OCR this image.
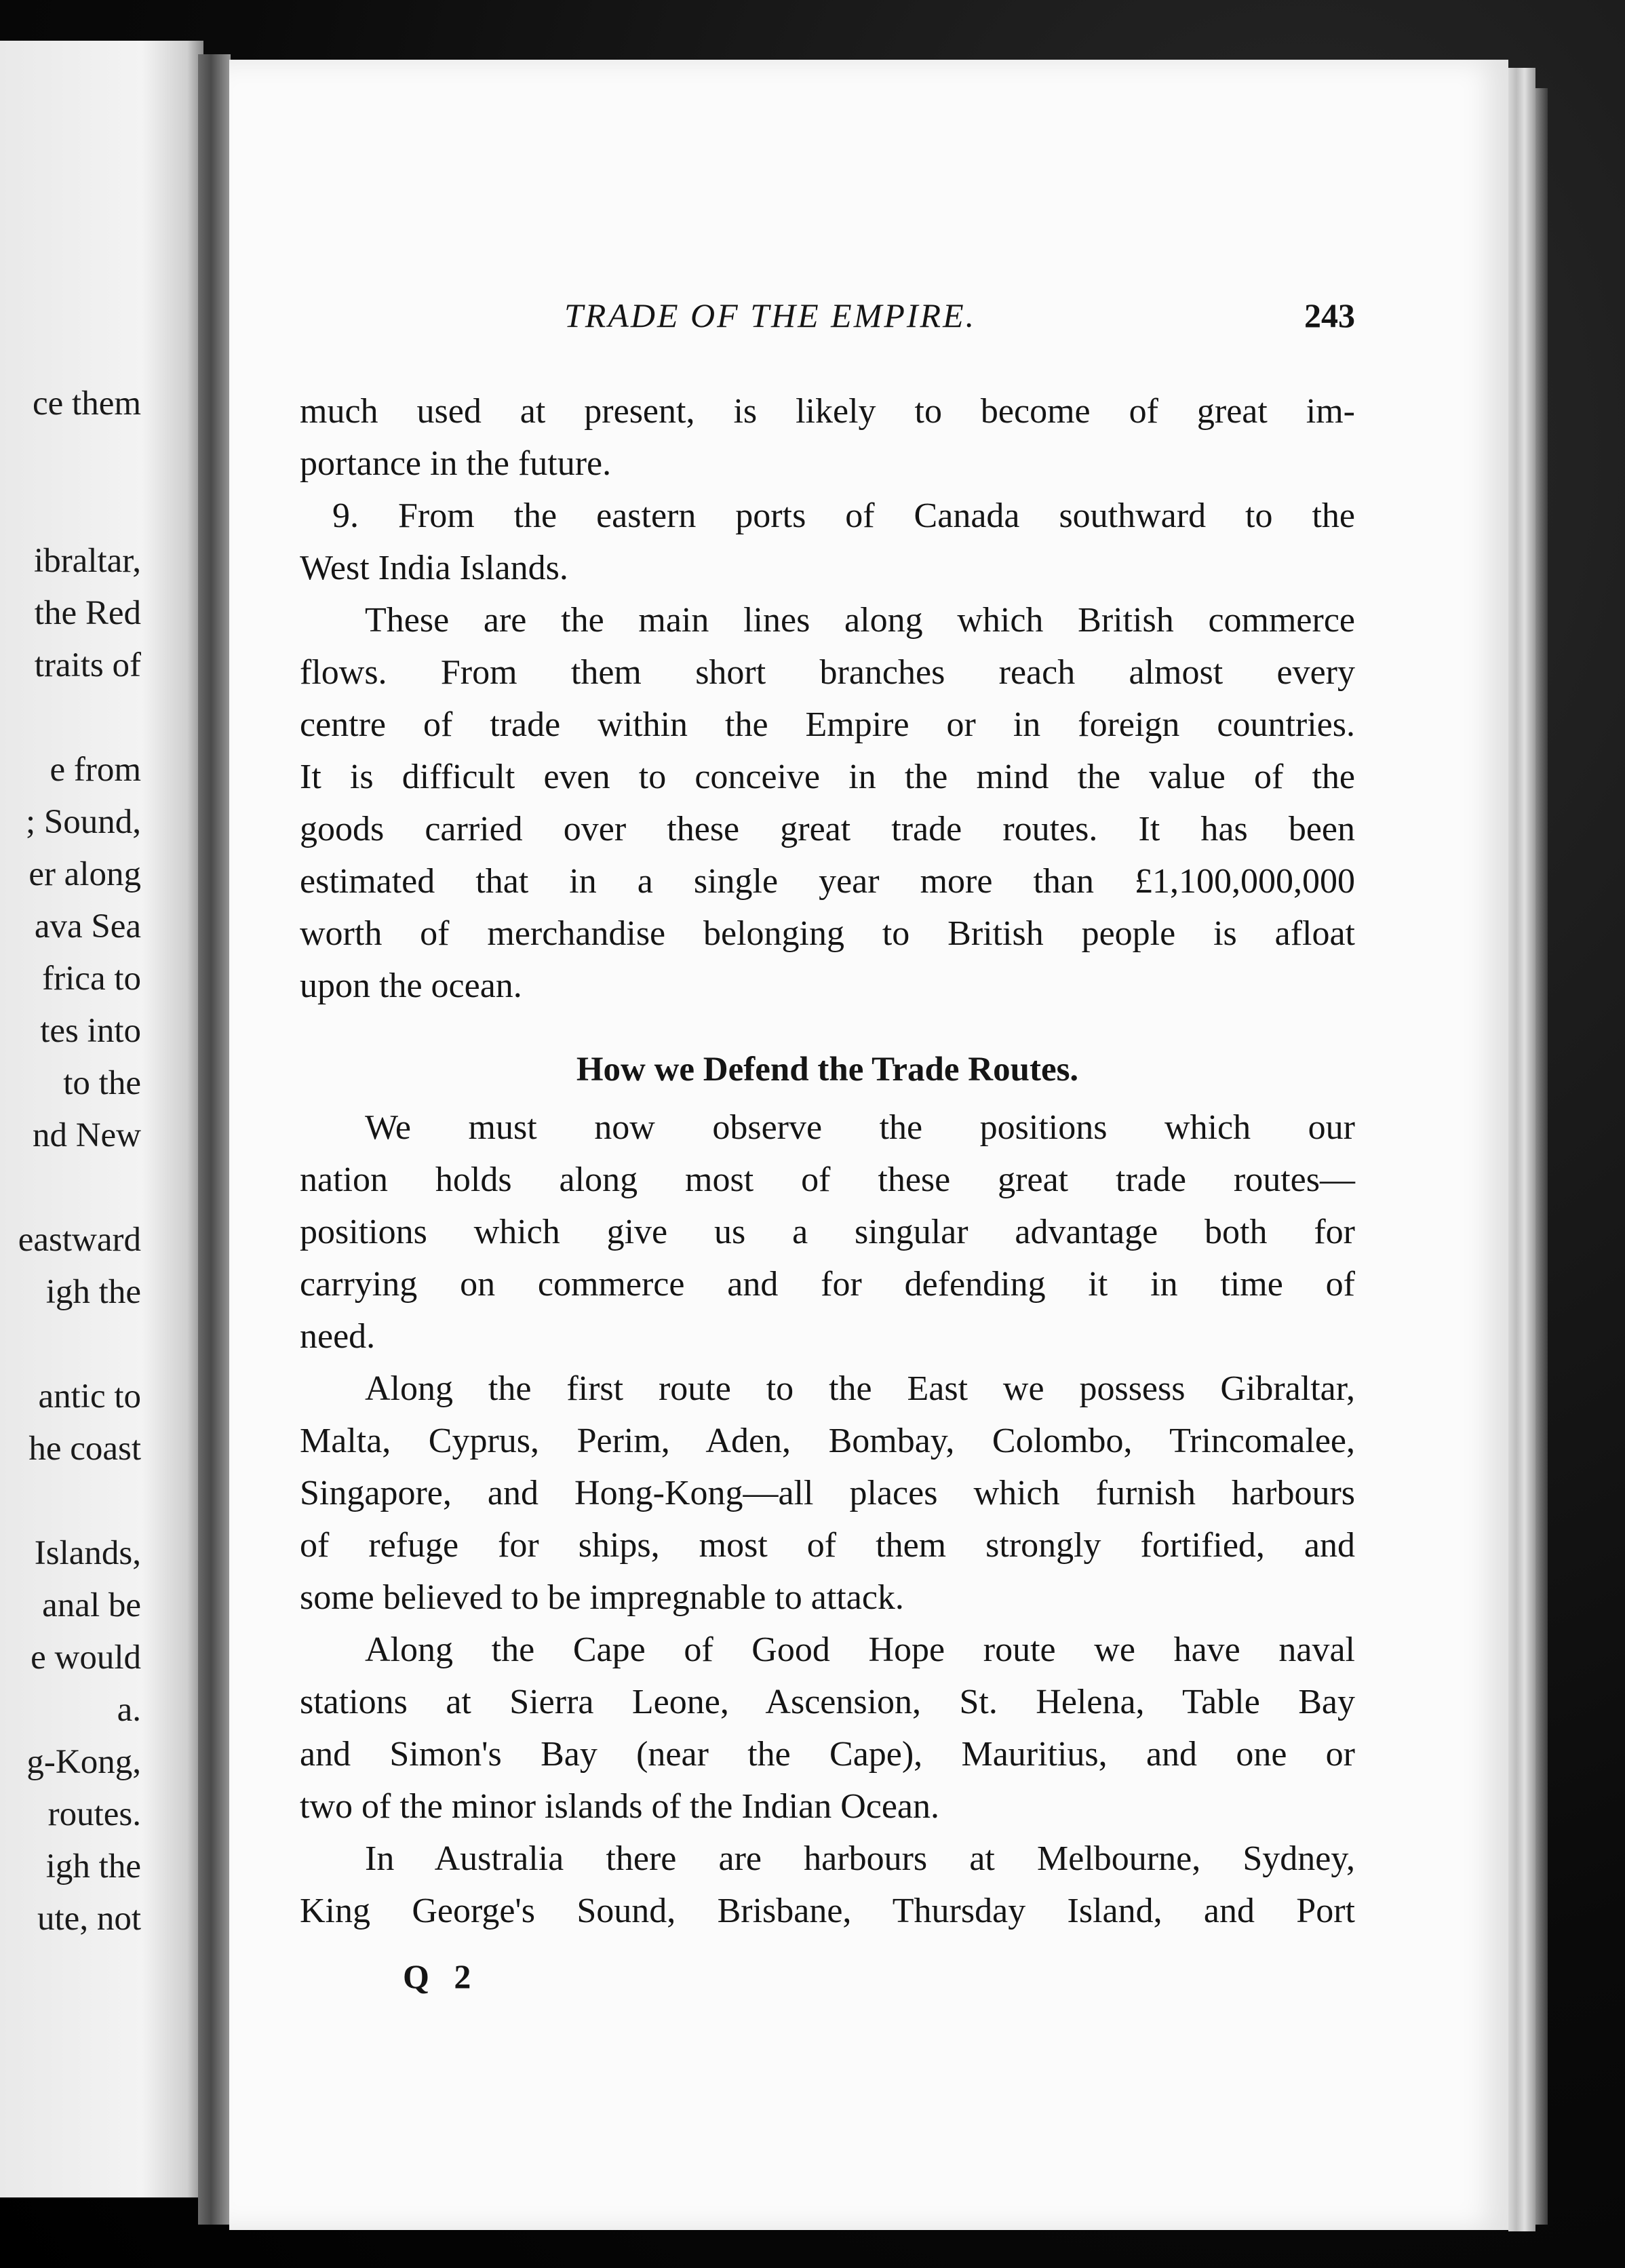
ce them
ibraltar,
the Red
traits of
e from
; Sound,
er along
ava Sea
frica to
tes into
to the
nd New
eastward
igh the
antic to
he coast
Islands,
anal be
e would
a.
g-Kong,
routes.
igh the
ute, not
TRADE OF THE EMPIRE.	243
much used at present, is likely to become of great im-
portance in the future.
9. From the eastern ports of Canada southward to the
West India Islands.
These are the main lines along which British commerce
flows. From them short branches reach almost every
centre of trade within the Empire or in foreign countries.
It is difficult even to conceive in the mind the value of the
goods carried over these great trade routes. It has been
estimated that in a single year more than £1,100,000,000
worth of merchandise belonging to British people is afloat
upon the ocean.
How we Defend the Trade Routes.
We must now observe the positions which our
nation holds along most of these great trade routes—
positions which give us a singular advantage both for
carrying on commerce and for defending it in time of
need.
Along the first route to the East we possess Gibraltar,
Malta, Cyprus, Perim, Aden, Bombay, Colombo, Trincomalee,
Singapore, and Hong-Kong—all places which furnish harbours
of refuge for ships, most of them strongly fortified, and
some believed to be impregnable to attack.
Along the Cape of Good Hope route we have naval
stations at Sierra Leone, Ascension, St. Helena, Table Bay
and Simon's Bay (near the Cape), Mauritius, and one or
two of the minor islands of the Indian Ocean.
In Australia there are harbours at Melbourne, Sydney,
King George's Sound, Brisbane, Thursday Island, and Port
Q 2
